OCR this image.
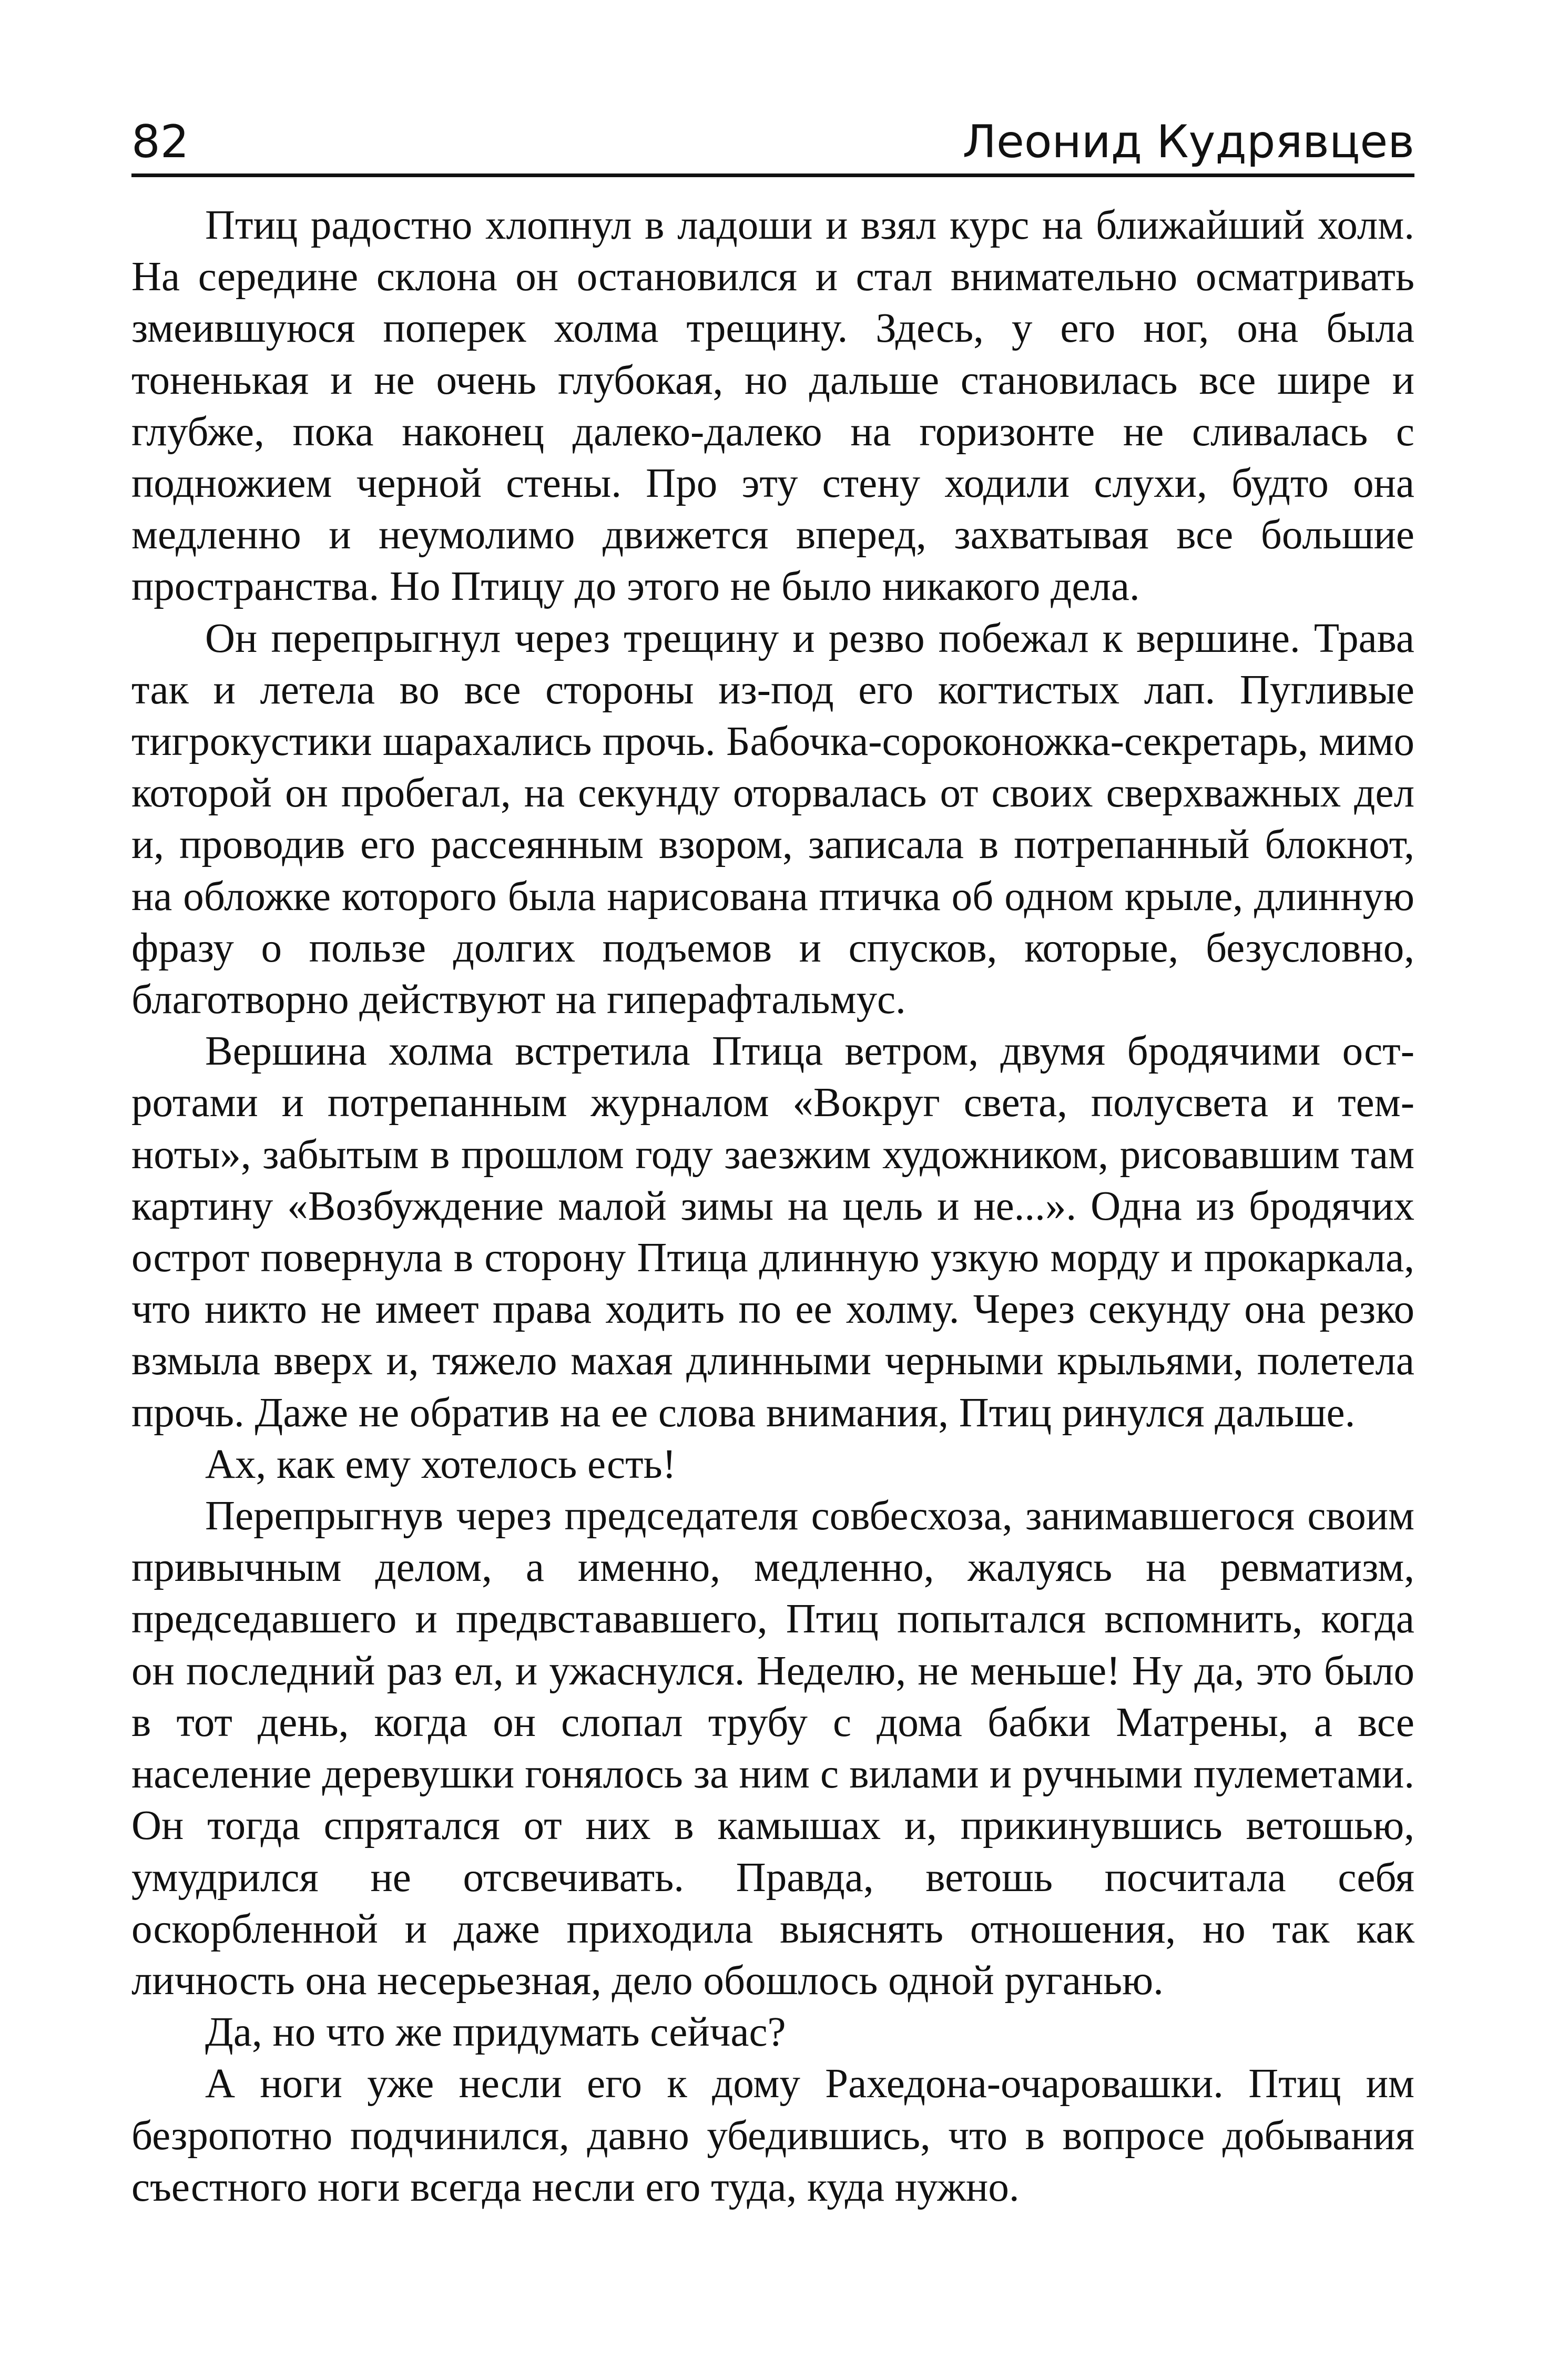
82	Леонид Кудрявцев

Птиц радостно хлопнул в ладоши и взял курс на ближайший холм. На середине склона он остановился и стал внимательно осматривать змеившуюся поперек холма трещину. Здесь, у его ног, она была тоненькая и не очень глубокая, но дальше становилась все шире и глубже, пока наконец далеко-далеко на горизонте не сливалась с подножием черной стены. Про эту стену ходили слухи, будто она медленно и неумолимо движется вперед, захватывая все большие пространства. Но Птицу до этого не было никакого дела.

Он перепрыгнул через трещину и резво побежал к вершине. Трава так и летела во все стороны из-под его когтистых лап. Пугливые тигрокустики шарахались прочь. Бабочка-сороконожка-секретарь, мимо которой он пробегал, на секунду оторвалась от своих сверхважных дел и, проводив его рассеянным взором, записала в потрепанный блокнот, на обложке которого была нарисована птичка об одном крыле, длинную фразу о пользе долгих подъемов и спусков, которые, безусловно, благотворно действуют на гиперафтальмус.

Вершина холма встретила Птица ветром, двумя бродячими остротами и потрепанным журналом «Вокруг света, полусвета и темноты», забытым в прошлом году заезжим художником, рисовавшим там картину «Возбуждение малой зимы на цель и не...». Одна из бродячих острот повернула в сторону Птица длинную узкую морду и прокаркала, что никто не имеет права ходить по ее холму. Через секунду она резко взмыла вверх и, тяжело махая длинными черными крыльями, полетела прочь. Даже не обратив на ее слова внимания, Птиц ринулся дальше.

Ах, как ему хотелось есть!

Перепрыгнув через председателя совбесхоза, занимавшегося своим привычным делом, а именно, медленно, жалуясь на ревматизм, председавшего и предвстававшего, Птиц попытался вспомнить, когда он последний раз ел, и ужаснулся. Неделю, не меньше! Ну да, это было в тот день, когда он слопал трубу с дома бабки Матрены, а все население деревушки гонялось за ним с вилами и ручными пулеметами. Он тогда спрятался от них в камышах и, прикинувшись ветошью, умудрился не отсвечивать. Правда, ветошь посчитала себя оскорбленной и даже приходила выяснять отношения, но так как личность она несерьезная, дело обошлось одной руганью.

Да, но что же придумать сейчас?

А ноги уже несли его к дому Рахедона-очаровашки. Птиц им безропотно подчинился, давно убедившись, что в вопросе добывания съестного ноги всегда несли его туда, куда нужно.
